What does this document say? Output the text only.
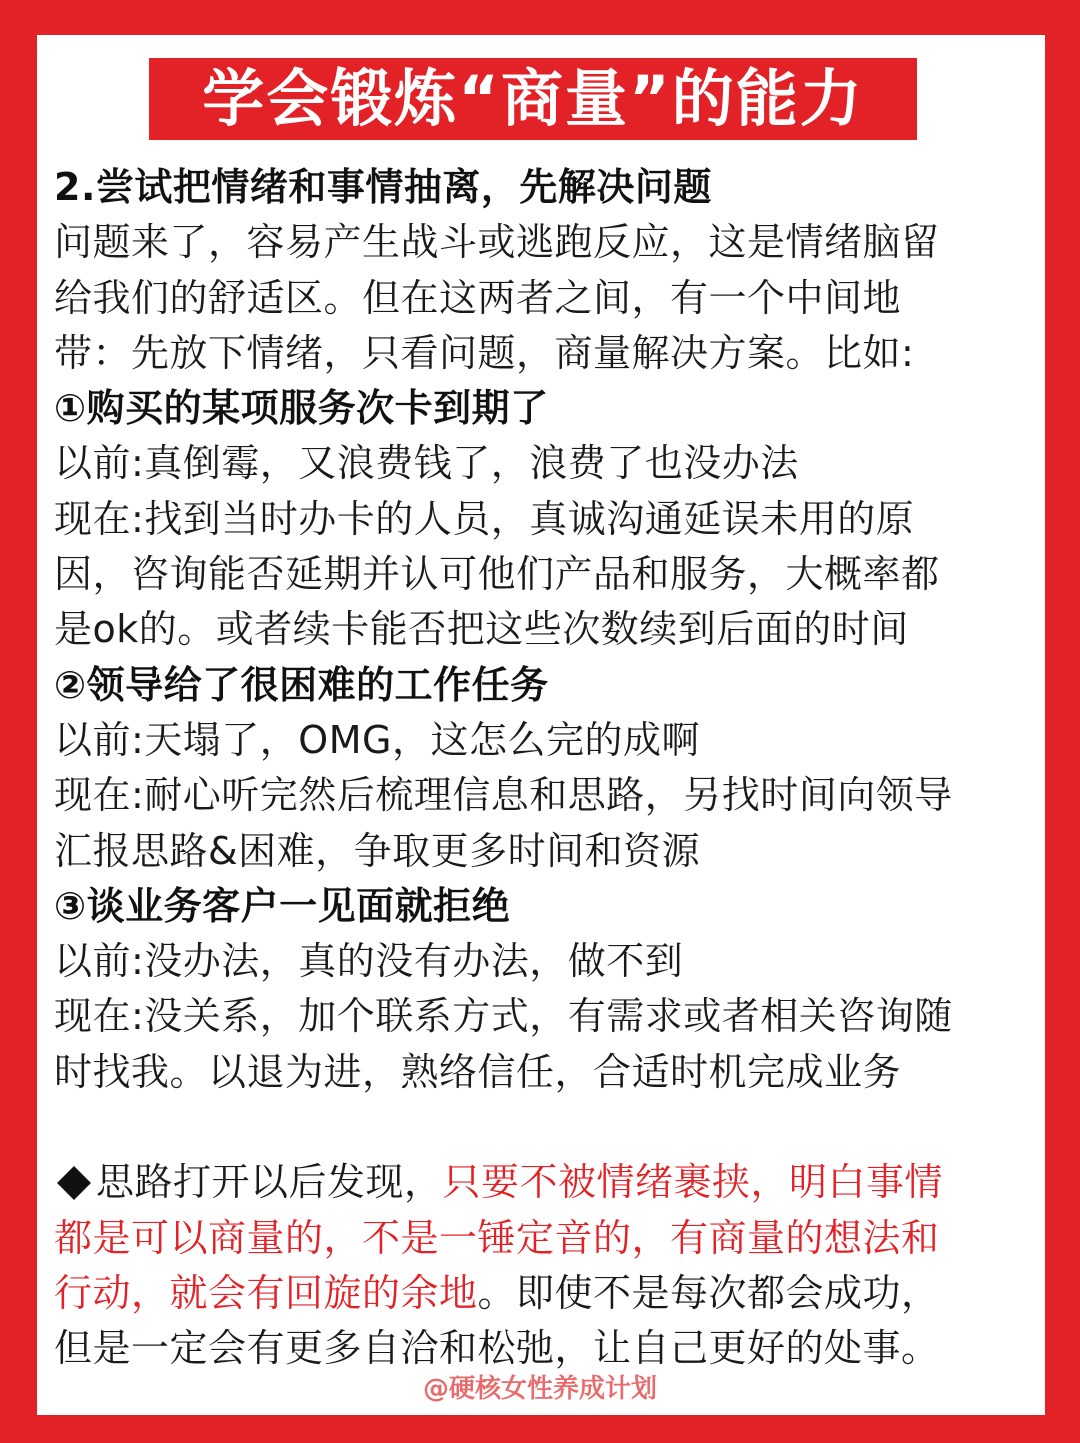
学会锻炼“商量”的能力
2.尝试把情绪和事情抽离，先解决问题
问题来了，容易产生战斗或逃跑反应，这是情绪脑留
给我们的舒适区。但在这两者之间，有一个中间地
带：先放下情绪，只看问题，商量解决方案。比如:
①购买的某项服务次卡到期了
以前:真倒霉，又浪费钱了，浪费了也没办法
现在:找到当时办卡的人员，真诚沟通延误未用的原
因，咨询能否延期并认可他们产品和服务，大概率都
是ok的。或者续卡能否把这些次数续到后面的时间
②领导给了很困难的工作任务
以前:天塌了，OMG，这怎么完的成啊
现在:耐心听完然后梳理信息和思路，另找时间向领导
汇报思路&困难，争取更多时间和资源
③谈业务客户一见面就拒绝
以前:没办法，真的没有办法，做不到
现在:没关系，加个联系方式，有需求或者相关咨询随
时找我。以退为进，熟络信任，合适时机完成业务
思路打开以后发现，只要不被情绪裹挟，明白事情
都是可以商量的，不是一锤定音的，有商量的想法和
行动，就会有回旋的余地。即使不是每次都会成功，
但是一定会有更多自洽和松弛，让自己更好的处事。
@硬核女性养成计划
